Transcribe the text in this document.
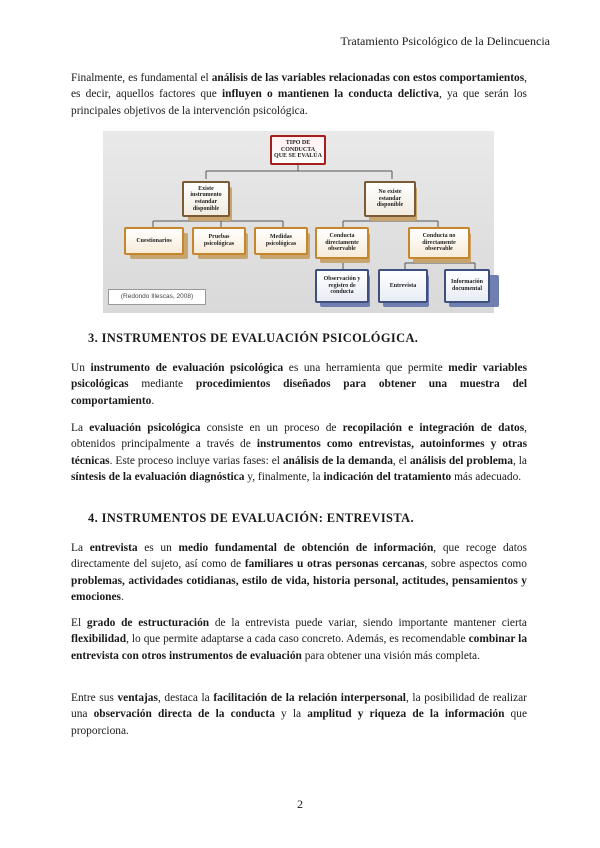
Tratamiento Psicológico de la Delincuencia

Finalmente, es fundamental el análisis de las variables relacionadas con estos comportamientos, es decir, aquellos factores que influyen o mantienen la conducta delictiva, ya que serán los principales objetivos de la intervención psicológica.

TIPO DE CONDUCTA QUE SE EVALÚA
Existe instrumento estandar disponible
No existe estandar disponible
Cuestionarios
Pruebas psicológicas
Medidas psicológicas
Conducta directamente observable
Conducta no directamente observable
Observación y registro de conducta
Entrevista
Información documental
(Redondo Illescas, 2008)
3. INSTRUMENTOS DE EVALUACIÓN PSICOLÓGICA.

Un instrumento de evaluación psicológica es una herramienta que permite medir variables psicológicas mediante procedimientos diseñados para obtener una muestra del comportamiento.

La evaluación psicológica consiste en un proceso de recopilación e integración de datos, obtenidos principalmente a través de instrumentos como entrevistas, autoinformes y otras técnicas. Este proceso incluye varias fases: el análisis de la demanda, el análisis del problema, la síntesis de la evaluación diagnóstica y, finalmente, la indicación del tratamiento más adecuado.

4. INSTRUMENTOS DE EVALUACIÓN: ENTREVISTA.

La entrevista es un medio fundamental de obtención de información, que recoge datos directamente del sujeto, así como de familiares u otras personas cercanas, sobre aspectos como problemas, actividades cotidianas, estilo de vida, historia personal, actitudes, pensamientos y emociones.

El grado de estructuración de la entrevista puede variar, siendo importante mantener cierta flexibilidad, lo que permite adaptarse a cada caso concreto. Además, es recomendable combinar la entrevista con otros instrumentos de evaluación para obtener una visión más completa.

Entre sus ventajas, destaca la facilitación de la relación interpersonal, la posibilidad de realizar una observación directa de la conducta y la amplitud y riqueza de la información que proporciona.

2
